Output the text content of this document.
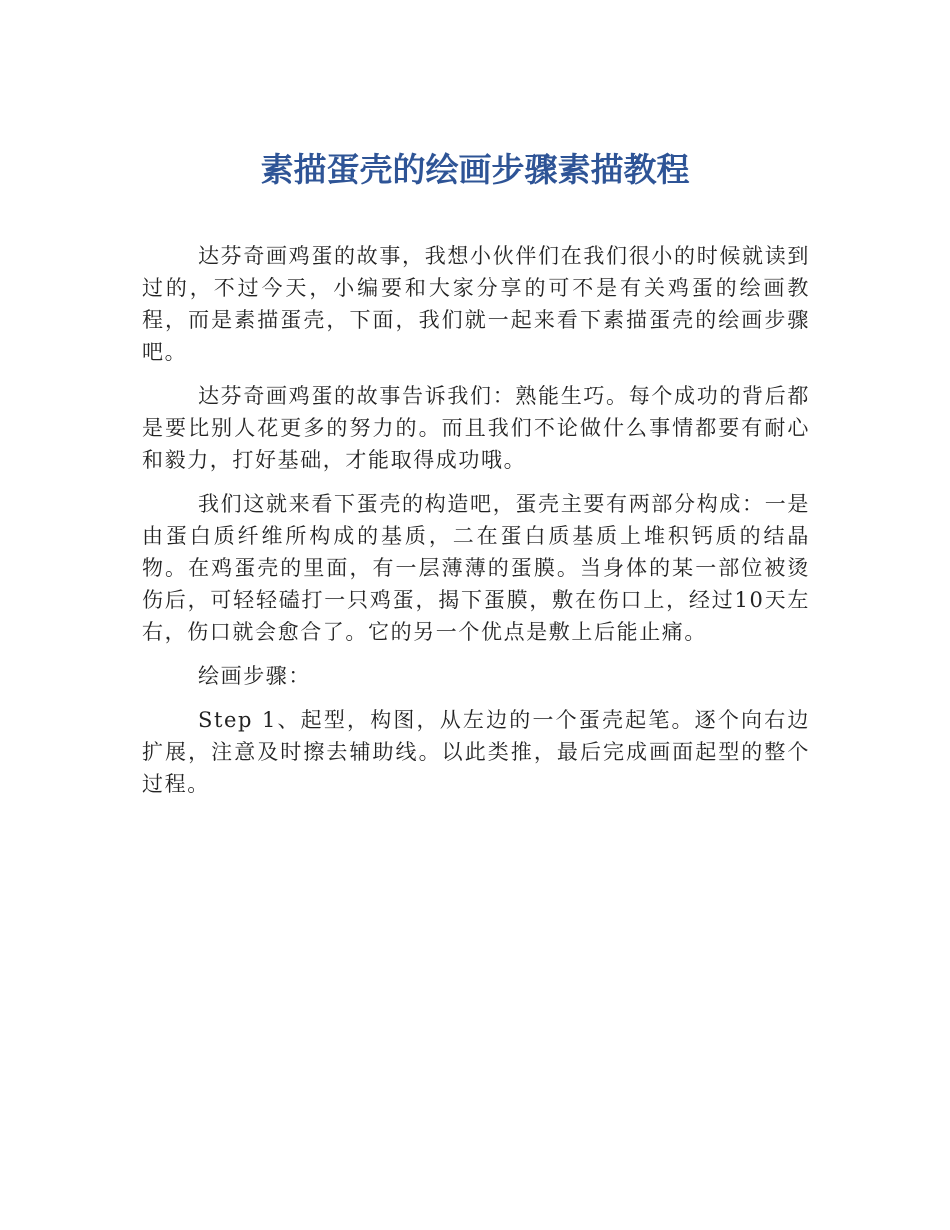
素描蛋壳的绘画步骤素描教程

达芬奇画鸡蛋的故事，我想小伙伴们在我们很小的时候就读到过的，不过今天，小编要和大家分享的可不是有关鸡蛋的绘画教程，而是素描蛋壳，下面，我们就一起来看下素描蛋壳的绘画步骤吧。

达芬奇画鸡蛋的故事告诉我们：熟能生巧。每个成功的背后都是要比别人花更多的努力的。而且我们不论做什么事情都要有耐心和毅力，打好基础，才能取得成功哦。

我们这就来看下蛋壳的构造吧，蛋壳主要有两部分构成：一是由蛋白质纤维所构成的基质，二在蛋白质基质上堆积钙质的结晶物。在鸡蛋壳的里面，有一层薄薄的蛋膜。当身体的某一部位被烫伤后，可轻轻磕打一只鸡蛋，揭下蛋膜，敷在伤口上，经过10天左右，伤口就会愈合了。它的另一个优点是敷上后能止痛。

绘画步骤：

Step 1、起型，构图，从左边的一个蛋壳起笔。逐个向右边扩展，注意及时擦去辅助线。以此类推，最后完成画面起型的整个过程。
